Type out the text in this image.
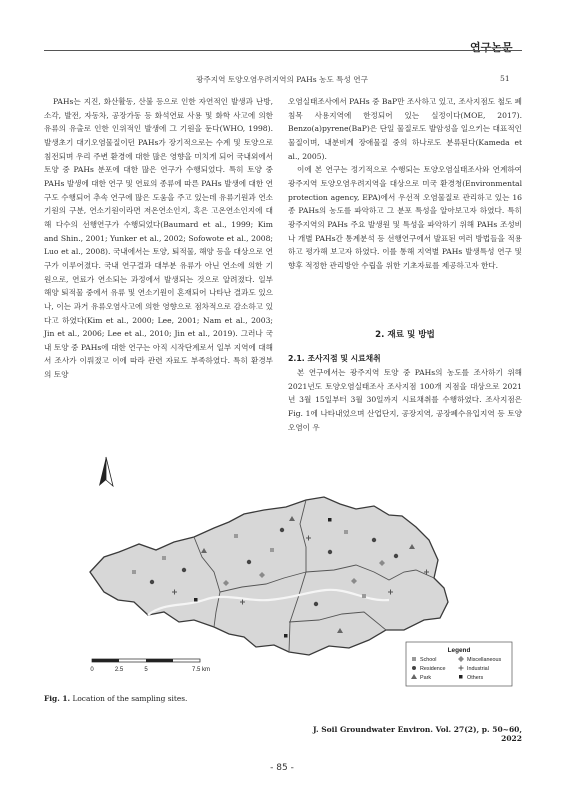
연구논문
광주지역 토양오염우려지역의 PAHs 농도 특성 연구	51

PAHs는 지진, 화산활동, 산불 등으로 인한 자연적인 발생과 난방, 소각, 발전, 자동차, 공장가동 등 화석연료 사용 및 화학 사고에 의한 유류의 유출로 인한 인위적인 발생에 그 기원을 둔다(WHO, 1998). 발생초기 대기오염물질이던 PAHs가 장기적으로는 수계 및 토양으로 침전되며 우리 주변 환경에 대한 많은 영향을 미치게 되어 국내외에서 토양 중 PAHs 분포에 대한 많은 연구가 수행되었다. 특히 토양 중 PAHs 발생에 대한 연구 및 연료의 종류에 따른 PAHs 발생에 대한 연구도 수행되어 추속 연구에 많은 도움을 주고 있는데 유류기원과 연소기원의 구분, 연소기원이라면 저온연소인지, 혹은 고온연소인지에 대해 다수의 선행연구가 수행되었다(Baumard et al., 1999; Kim and Shin., 2001; Yunker et al., 2002; Sofowote et al., 2008; Luo et al., 2008). 국내에서는 토양, 퇴적물, 해양 등을 대상으로 연구가 이루어졌다. 국내 연구결과 대부분 유류가 아닌 연소에 의한 기원으로, 연료가 연소되는 과정에서 발생되는 것으로 알려졌다. 일부 해양 퇴적물 중에서 유류 및 연소기원이 혼재되어 나타난 결과도 있으나, 이는 과거 유류오염사고에 의한 영향으로 점차적으로 감소하고 있다고 하였다(Kim et al., 2000; Lee, 2001; Nam et al., 2003; Jin et al., 2006; Lee et al., 2010; Jin et al., 2019). 그러나 국내 토양 중 PAHs에 대한 연구는 아직 시작단계로서 일부 지역에 대해서 조사가 이뤄졌고 이에 따라 관련 자료도 부족하였다. 특히 환경부의 토양

오염실태조사에서 PAHs 중 BaP만 조사하고 있고, 조사지점도 철도 폐침목 사용지역에 한정되어 있는 실정이다(MOE, 2017). Benzo(a)pyrene(BaP)은 단일 물질로도 발암성을 일으키는 대표적인 물질이며, 내분비계 장애물질 중의 하나로도 분류된다(Kameda et al., 2005).

이에 본 연구는 정기적으로 수행되는 토양오염실태조사와 연계하여 광주지역 토양오염우려지역을 대상으로 미국 환경청(Environmental protection agency, EPA)에서 우선적 오염물질로 관리하고 있는 16종 PAHs의 농도를 파악하고 그 분포 특성을 알아보고자 하였다. 특히 광주지역의 PAHs 주요 발생원 및 특성을 파악하기 위해 PAHs 조성비나 개별 PAHs간 통계분석 등 선행연구에서 발표된 여러 방법들을 적용하고 평가해 보고자 하였다. 이를 통해 지역별 PAHs 발생특성 연구 및 향후 적정한 관리방안 수립을 위한 기초자료를 제공하고자 한다.

2. 재료 및 방법
2.1. 조사지점 및 시료채취

본 연구에서는 광주지역 토양 중 PAHs의 농도를 조사하기 위해 2021년도 토양오염실태조사 조사지점 100개 지점을 대상으로 2021년 3월 15일부터 3월 30일까지 시료채취를 수행하였다. 조사지점은 Fig. 1에 나타내었으며 산업단지, 공장지역, 공장폐수유입지역 등 토양오염이 우

0	2.5	5	7.5 km
Legend
School	Miscellaneous
Residence	Industrial
Park	Others
Fig. 1. Location of the sampling sites.
J. Soil Groundwater Environ. Vol. 27(2), p. 50~60, 2022
- 85 -
